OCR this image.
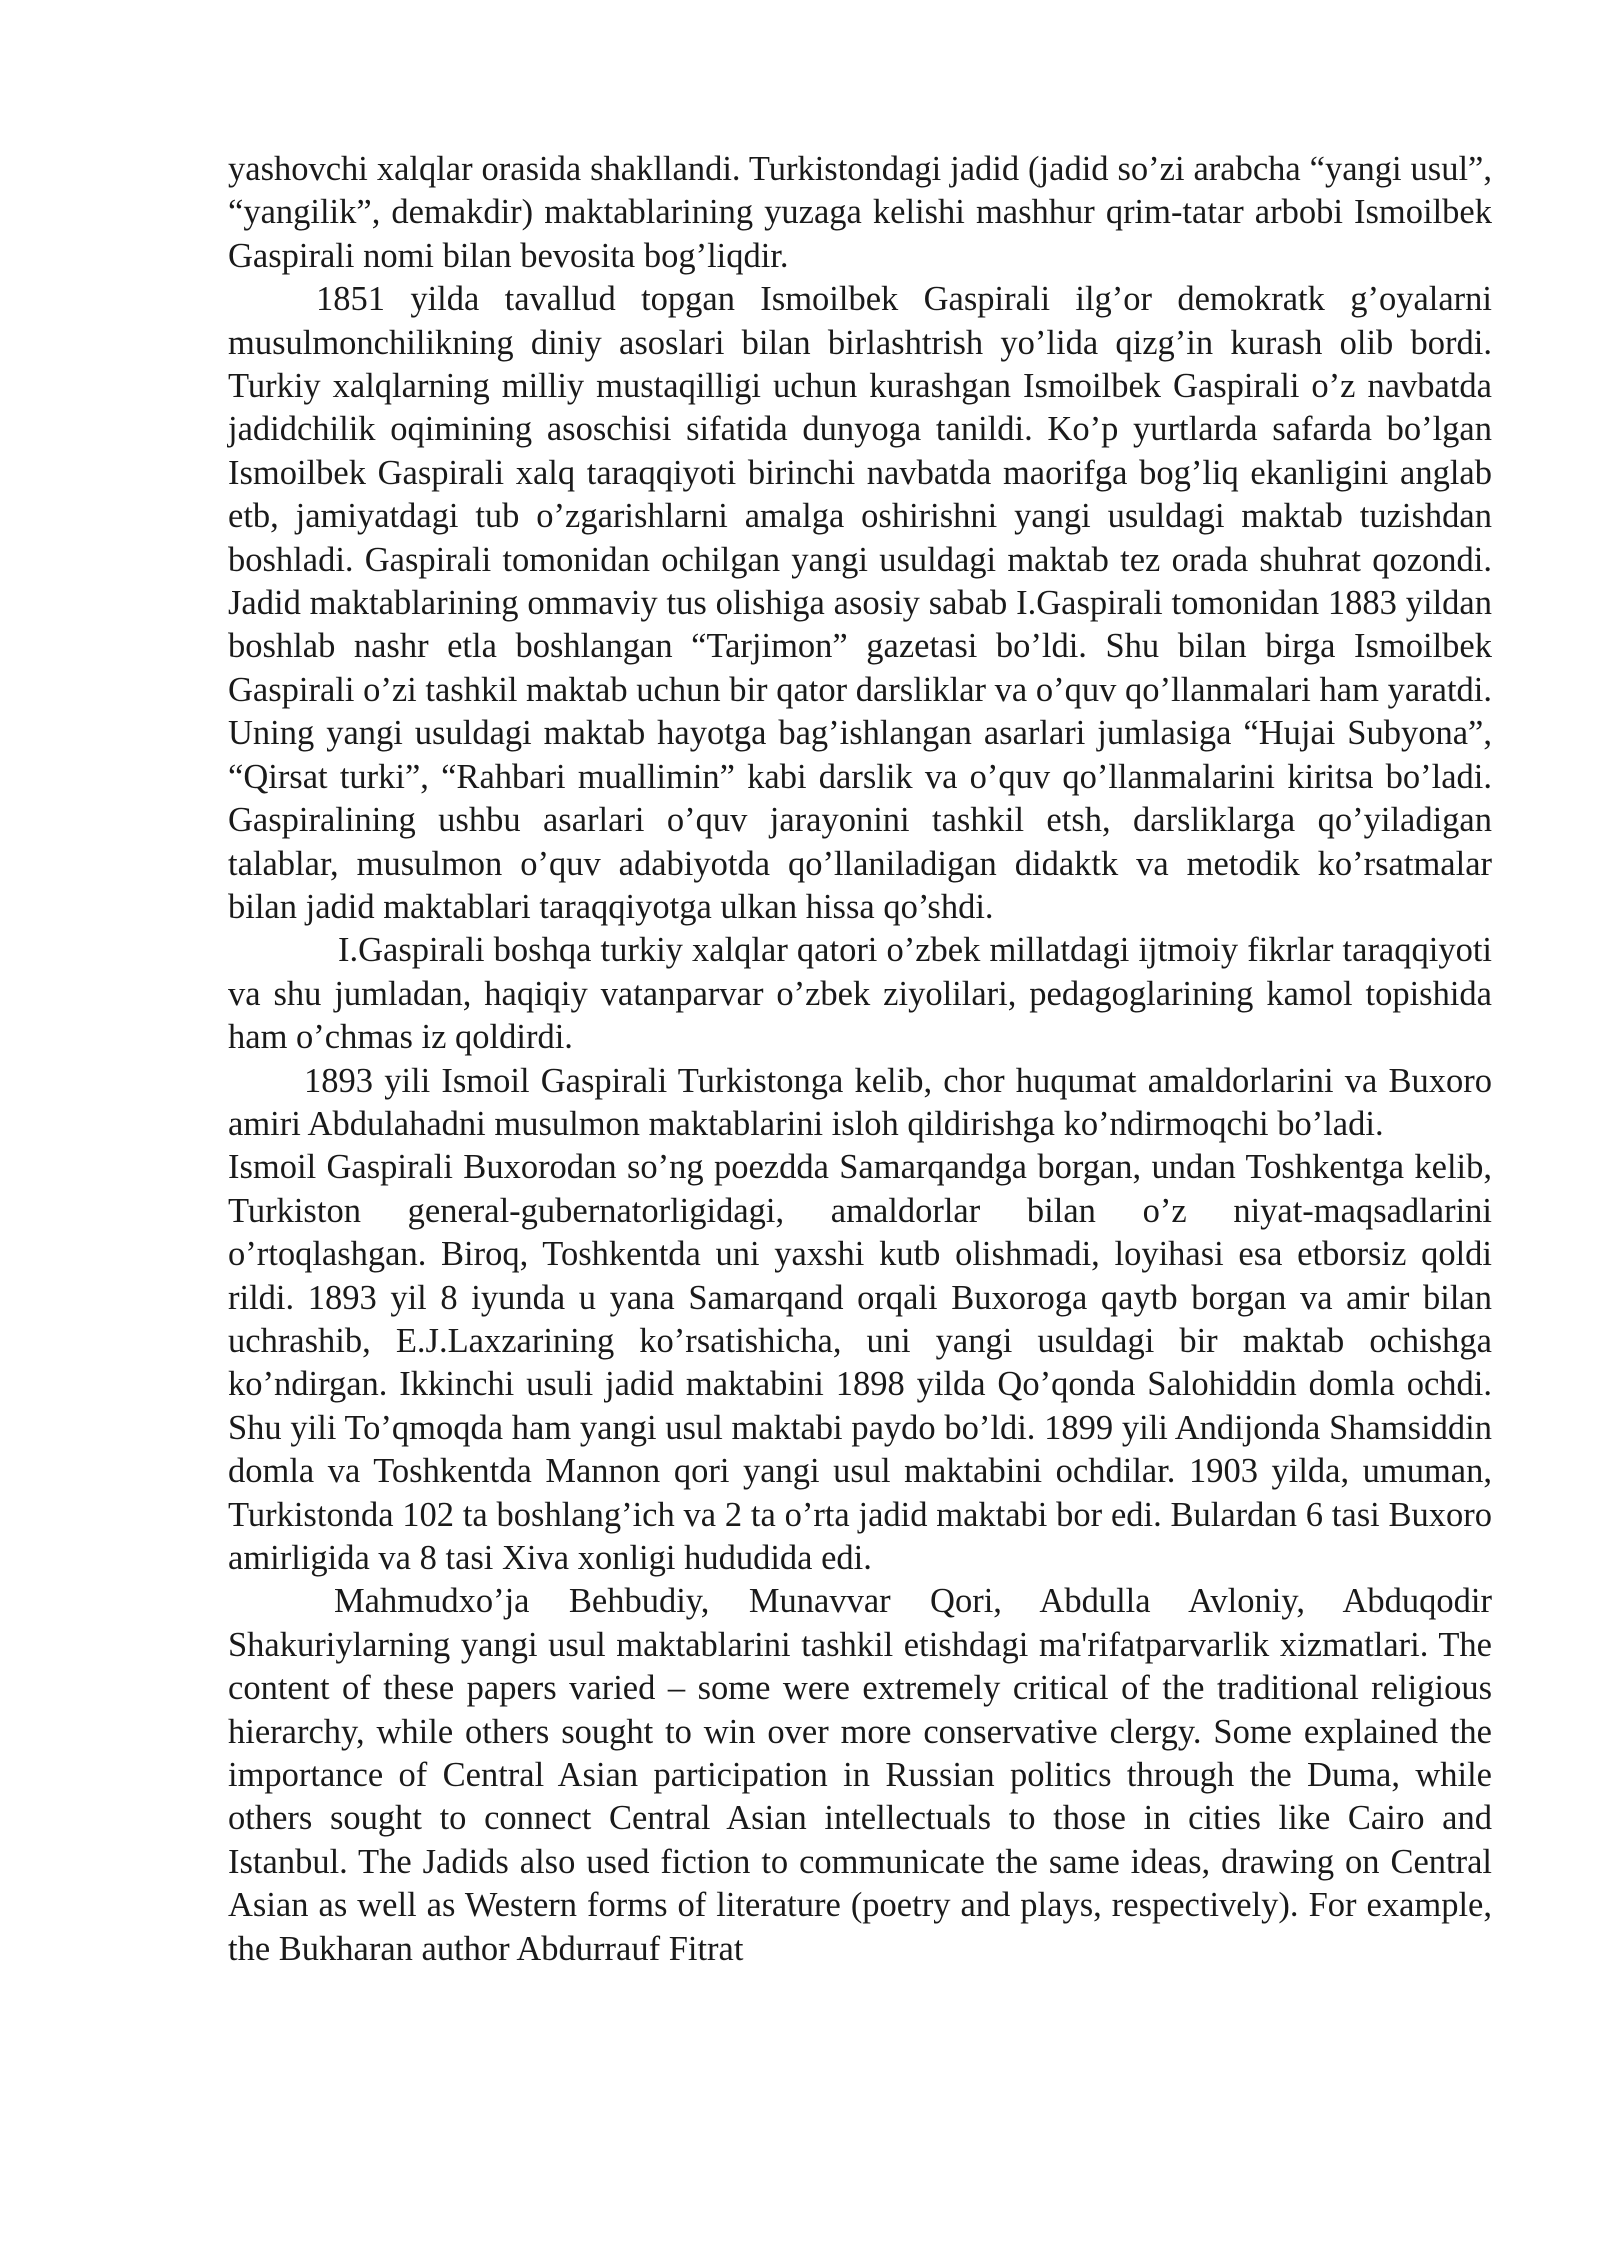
yashovchi xalqlar orasida shakllandi. Turkistondagi jadid (jadid so’zi arabcha “yangi usul”, “yangilik”, demakdir) maktablarining yuzaga kelishi mashhur qrim-tatar arbobi Ismoilbek Gaspirali nomi bilan bevosita bog’liqdir.

1851 yilda tavallud topgan Ismoilbek Gaspirali ilg’or demokratk g’oyalarni musulmonchilikning diniy asoslari bilan birlashtrish yo’lida qizg’in kurash olib bordi. Turkiy xalqlarning milliy mustaqilligi uchun kurashgan Ismoilbek Gaspirali o’z navbatda jadidchilik oqimining asoschisi sifatida dunyoga tanildi. Ko’p yurtlarda safarda bo’lgan Ismoilbek Gaspirali xalq taraqqiyoti birinchi navbatda maorifga bog’liq ekanligini anglab etb, jamiyatdagi tub o’zgarishlarni amalga oshirishni yangi usuldagi maktab tuzishdan boshladi. Gaspirali tomonidan ochilgan yangi usuldagi maktab tez orada shuhrat qozondi. Jadid maktablarining ommaviy tus olishiga asosiy sabab I.Gaspirali tomonidan 1883 yildan boshlab nashr etla boshlangan “Tarjimon” gazetasi bo’ldi. Shu bilan birga Ismoilbek Gaspirali o’zi tashkil maktab uchun bir qator darsliklar va o’quv qo’llanmalari ham yaratdi. Uning yangi usuldagi maktab hayotga bag’ishlangan asarlari jumlasiga “Hujai Subyona”, “Qirsat turki”, “Rahbari muallimin” kabi darslik va o’quv qo’llanmalarini kiritsa bo’ladi. Gaspiralining ushbu asarlari o’quv jarayonini tashkil etsh, darsliklarga qo’yiladigan talablar, musulmon o’quv adabiyotda qo’llaniladigan didaktk va metodik ko’rsatmalar bilan jadid maktablari taraqqiyotga ulkan hissa qo’shdi.

I.Gaspirali boshqa turkiy xalqlar qatori o’zbek millatdagi ijtmoiy fikrlar taraqqiyoti va shu jumladan, haqiqiy vatanparvar o’zbek ziyolilari, pedagoglarining kamol topishida ham o’chmas iz qoldirdi.

1893 yili Ismoil Gaspirali Turkistonga kelib, chor huqumat amaldorlarini va Buxoro amiri Abdulahadni musulmon maktablarini isloh qildirishga ko’ndirmoqchi bo’ladi.

Ismoil Gaspirali Buxorodan so’ng poezdda Samarqandga borgan, undan Toshkentga kelib, Turkiston general-gubernatorligidagi, amaldorlar bilan o’z niyat-maqsadlarini o’rtoqlashgan. Biroq, Toshkentda uni yaxshi kutb olishmadi, loyihasi esa etborsiz qoldi rildi. 1893 yil 8 iyunda u yana Samarqand orqali Buxoroga qaytb borgan va amir bilan uchrashib, E.J.Laxzarining ko’rsatishicha, uni yangi usuldagi bir maktab ochishga ko’ndirgan. Ikkinchi usuli jadid maktabini 1898 yilda Qo’qonda Salohiddin domla ochdi. Shu yili To’qmoqda ham yangi usul maktabi paydo bo’ldi. 1899 yili Andijonda Shamsiddin domla va Toshkentda Mannon qori yangi usul maktabini ochdilar. 1903 yilda, umuman, Turkistonda 102 ta boshlang’ich va 2 ta o’rta jadid maktabi bor edi. Bulardan 6 tasi Buxoro amirligida va 8 tasi Xiva xonligi hududida edi.

Mahmudxo’ja Behbudiy, Munavvar Qori, Abdulla Avloniy, Abduqodir Shakuriylarning yangi usul maktablarini tashkil etishdagi ma'rifatparvarlik xizmatlari. The content of these papers varied – some were extremely critical of the traditional religious hierarchy, while others sought to win over more conservative clergy. Some explained the importance of Central Asian participation in Russian politics through the Duma, while others sought to connect Central Asian intellectuals to those in cities like Cairo and Istanbul. The Jadids also used fiction to communicate the same ideas, drawing on Central Asian as well as Western forms of literature (poetry and plays, respectively). For example, the Bukharan author Abdurrauf Fitrat
